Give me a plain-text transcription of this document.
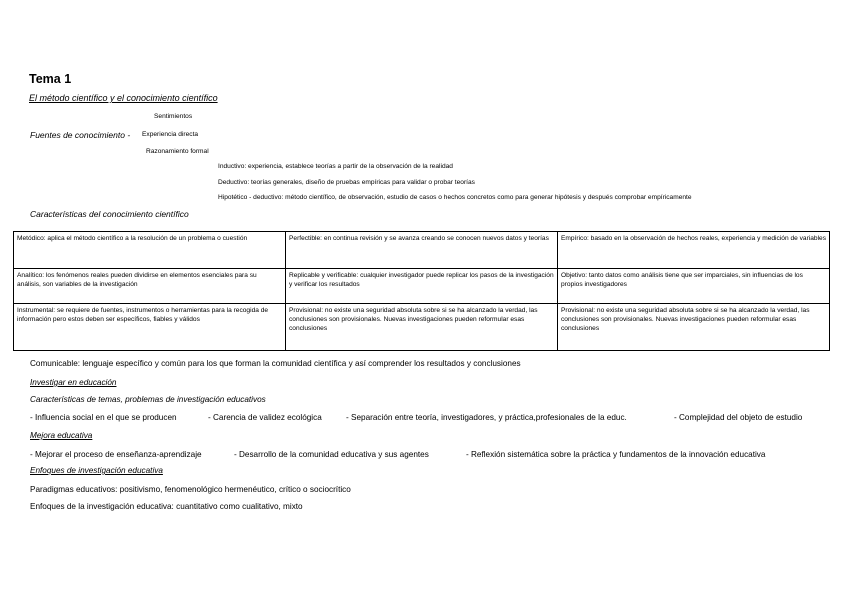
Tema 1
El método científico y el conocimiento científico
Sentimientos
Fuentes de conocimiento - Experiencia directa
Razonamiento formal
Inductivo: experiencia, establece teorías a partir de la observación de la realidad
Deductivo: teorías generales, diseño de pruebas empíricas para validar o probar teorías
Hipotético - deductivo: método científico, de observación, estudio de casos o hechos concretos como para generar hipótesis y después comprobar empíricamente
Características del conocimiento científico
Metódico: aplica el método científico a la resolución de un problema o cuestión	Perfectible: en continua revisión y se avanza creando se conocen nuevos datos y teorías	Empírico: basado en la observación de hechos reales, experiencia y medición de variables
Analítico: los fenómenos reales pueden dividirse en elementos esenciales para su análisis, son variables de la investigación	Replicable y verificable: cualquier investigador puede replicar los pasos de la investigación y verificar los resultados	Objetivo: tanto datos como análisis tiene que ser imparciales, sin influencias de los propios investigadores
Instrumental: se requiere de fuentes, instrumentos o herramientas para la recogida de información pero estos deben ser específicos, fiables y válidos	Provisional: no existe una seguridad absoluta sobre si se ha alcanzado la verdad, las conclusiones son provisionales. Nuevas investigaciones pueden reformular esas conclusiones	Provisional: no existe una seguridad absoluta sobre si se ha alcanzado la verdad, las conclusiones son provisionales. Nuevas investigaciones pueden reformular esas conclusiones
Comunicable: lenguaje específico y común para los que forman la comunidad científica y así comprender los resultados y conclusiones
Investigar en educación
Características de temas, problemas de investigación educativos
- Influencia social en el que se producen	- Carencia de validez ecológica	- Separación entre teoría, investigadores, y práctica,profesionales de la educ.	- Complejidad del objeto de estudio
Mejora educativa
- Mejorar el proceso de enseñanza-aprendizaje	- Desarrollo de la comunidad educativa y sus agentes	- Reflexión sistemática sobre la práctica y fundamentos de la innovación educativa
Enfoques de investigación educativa
Paradigmas educativos: positivismo, fenomenológico hermenéutico, crítico o sociocrítico
Enfoques de la investigación educativa: cuantitativo como cualitativo, mixto
